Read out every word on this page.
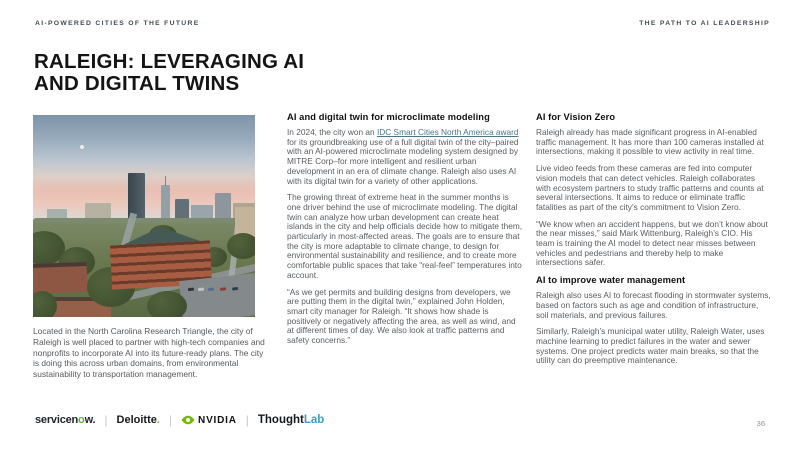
AI-POWERED CITIES OF THE FUTURE	THE PATH TO AI LEADERSHIP
RALEIGH: LEVERAGING AI
AND DIGITAL TWINS

Located in the North Carolina Research Triangle, the city of Raleigh is well placed to partner with high-tech companies and nonprofits to incorporate AI into its future-ready plans. The city is doing this across urban domains, from environmental sustainability to transportation management.

AI and digital twin for microclimate modeling

In 2024, the city won an IDC Smart Cities North America award for its groundbreaking use of a full digital twin of the city–paired with an AI-powered microclimate modeling system designed by MITRE Corp–for more intelligent and resilient urban development in an era of climate change. Raleigh also uses AI with its digital twin for a variety of other applications.

The growing threat of extreme heat in the summer months is one driver behind the use of microclimate modeling. The digital twin can analyze how urban development can create heat islands in the city and help officials decide how to mitigate them, particularly in most-affected areas. The goals are to ensure that the city is more adaptable to climate change, to design for environmental sustainability and resilience, and to create more comfortable public spaces that take “real-feel” temperatures into account.

“As we get permits and building designs from developers, we are putting them in the digital twin,” explained John Holden, smart city manager for Raleigh. “It shows how shade is positively or negatively affecting the area, as well as wind, and at different times of day. We also look at traffic patterns and safety concerns.”

AI for Vision Zero

Raleigh already has made significant progress in AI-enabled traffic management. It has more than 100 cameras installed at intersections, making it possible to view activity in real time.

Live video feeds from these cameras are fed into computer vision models that can detect vehicles. Raleigh collaborates with ecosystem partners to study traffic patterns and counts at several intersections. It aims to reduce or eliminate traffic fatalities as part of the city’s commitment to Vision Zero.

“We know when an accident happens, but we don’t know about the near misses,” said Mark Wittenburg, Raleigh’s CIO. His team is training the AI model to detect near misses between vehicles and pedestrians and thereby help to make intersections safer.

AI to improve water management

Raleigh also uses AI to forecast flooding in stormwater systems, based on factors such as age and condition of infrastructure, soil materials, and previous failures.

Similarly, Raleigh’s municipal water utility, Raleigh Water, uses machine learning to predict failures in the water and sewer systems. One project predicts water main breaks, so that the utility can do preemptive maintenance.

servicenow. | Deloitte. |	NVIDIA | ThoughtLab	36
